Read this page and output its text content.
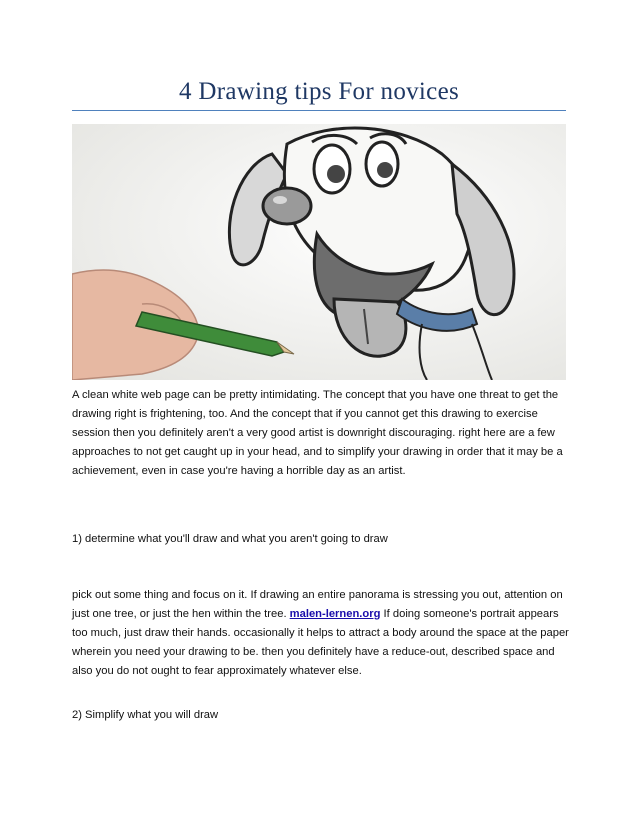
4 Drawing tips For novices

A clean white web page can be pretty intimidating. The concept that you have one threat to get the drawing right is frightening, too. And the concept that if you cannot get this drawing to exercise session then you definitely aren't a very good artist is downright discouraging. right here are a few approaches to not get caught up in your head, and to simplify your drawing in order that it may be a achievement, even in case you're having a horrible day as an artist.

1) determine what you'll draw and what you aren't going to draw

pick out some thing and focus on it. If drawing an entire panorama is stressing you out, attention on just one tree, or just the hen within the tree. malen-lernen.org If doing someone's portrait appears too much, just draw their hands. occasionally it helps to attract a body around the space at the paper wherein you need your drawing to be. then you definitely have a reduce-out, described space and also you do not ought to fear approximately whatever else.

2) Simplify what you will draw
